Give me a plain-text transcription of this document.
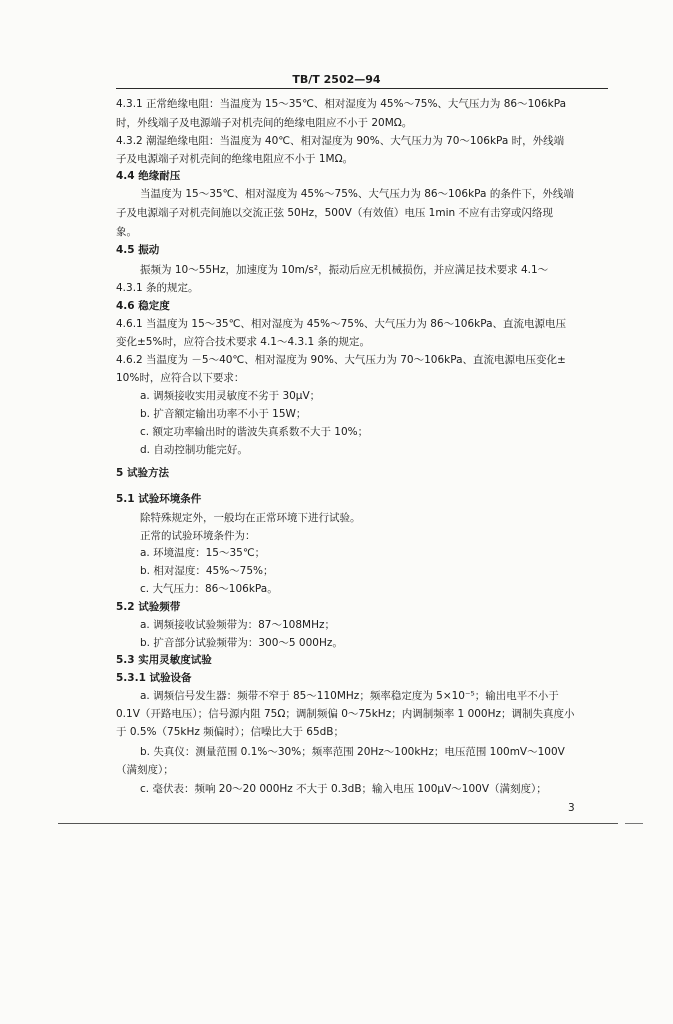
TB/T 2502—94
4.3.1 正常绝缘电阻：当温度为 15～35℃、相对湿度为 45%～75%、大气压力为 86～106kPa
时，外线端子及电源端子对机壳间的绝缘电阻应不小于 20MΩ。
4.3.2 潮湿绝缘电阻：当温度为 40℃、相对湿度为 90%、大气压力为 70～106kPa 时，外线端
子及电源端子对机壳间的绝缘电阻应不小于 1MΩ。
4.4 绝缘耐压
当温度为 15～35℃、相对湿度为 45%～75%、大气压力为 86～106kPa 的条件下，外线端
子及电源端子对机壳间施以交流正弦 50Hz，500V（有效值）电压 1min 不应有击穿或闪络现
象。
4.5 振动
振频为 10～55Hz，加速度为 10m/s²，振动后应无机械损伤，并应满足技术要求 4.1～
4.3.1 条的规定。
4.6 稳定度
4.6.1 当温度为 15～35℃、相对湿度为 45%～75%、大气压力为 86～106kPa、直流电源电压
变化±5%时，应符合技术要求 4.1～4.3.1 条的规定。
4.6.2 当温度为 －5～40℃、相对湿度为 90%、大气压力为 70～106kPa、直流电源电压变化±
10%时，应符合以下要求：
a. 调频接收实用灵敏度不劣于 30μV；
b. 扩音额定输出功率不小于 15W；
c. 额定功率输出时的谐波失真系数不大于 10%；
d. 自动控制功能完好。
5 试验方法
5.1 试验环境条件
除特殊规定外，一般均在正常环境下进行试验。
正常的试验环境条件为：
a. 环境温度：15～35℃；
b. 相对湿度：45%～75%；
c. 大气压力：86～106kPa。
5.2 试验频带
a. 调频接收试验频带为：87～108MHz；
b. 扩音部分试验频带为：300～5 000Hz。
5.3 实用灵敏度试验
5.3.1 试验设备
a. 调频信号发生器：频带不窄于 85～110MHz；频率稳定度为 5×10⁻⁵；输出电平不小于
0.1V（开路电压）；信号源内阻 75Ω；调制频偏 0～75kHz；内调制频率 1 000Hz；调制失真度小
于 0.5%（75kHz 频偏时）；信噪比大于 65dB；
b. 失真仪：测量范围 0.1%～30%；频率范围 20Hz～100kHz；电压范围 100mV～100V
（满刻度）；
c. 毫伏表：频响 20～20 000Hz 不大于 0.3dB；输入电压 100μV～100V（满刻度）；
3
